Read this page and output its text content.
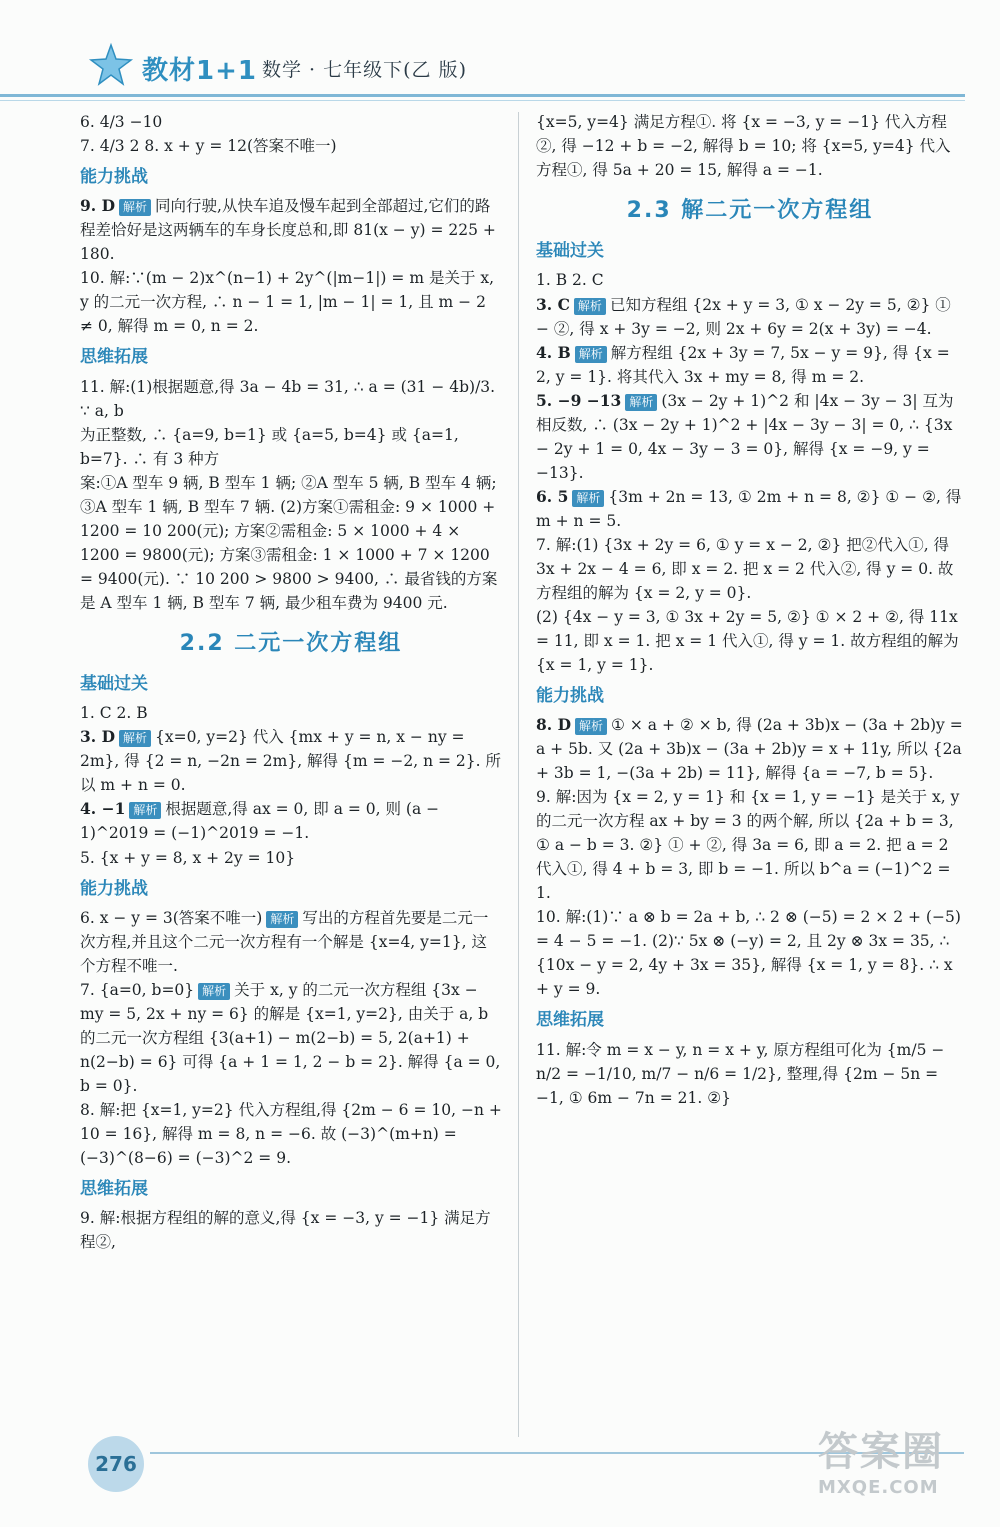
教材1+1 数学 · 七年级下(乙 版)

6. 4/3 −10

7. 4/3 2 8. x + y = 12(答案不唯一)

能力挑战

9. D 解析 同向行驶,从快车追及慢车起到全部超过,它们的路程差恰好是这两辆车的车身长度总和,即 81(x − y) = 225 + 180.

10. 解:∵(m − 2)x^(n−1) + 2y^(|m−1|) = m 是关于 x, y 的二元一次方程, ∴ n − 1 = 1, |m − 1| = 1, 且 m − 2 ≠ 0, 解得 m = 0, n = 2.

思维拓展

11. 解:(1)根据题意,得 3a − 4b = 31, ∴ a = (31 − 4b)/3. ∵ a, b

为正整数, ∴ {a=9, b=1} 或 {a=5, b=4} 或 {a=1, b=7}. ∴ 有 3 种方

案:①A 型车 9 辆, B 型车 1 辆; ②A 型车 5 辆, B 型车 4 辆; ③A 型车 1 辆, B 型车 7 辆. (2)方案①需租金: 9 × 1000 + 1200 = 10 200(元); 方案②需租金: 5 × 1000 + 4 × 1200 = 9800(元); 方案③需租金: 1 × 1000 + 7 × 1200 = 9400(元). ∵ 10 200 > 9800 > 9400, ∴ 最省钱的方案是 A 型车 1 辆, B 型车 7 辆, 最少租车费为 9400 元.

2.2 二元一次方程组
基础过关

1. C 2. B

3. D 解析 {x=0, y=2} 代入 {mx + y = n, x − ny = 2m}, 得 {2 = n, −2n = 2m}, 解得 {m = −2, n = 2}. 所以 m + n = 0.

4. −1 解析 根据题意,得 ax = 0, 即 a = 0, 则 (a − 1)^2019 = (−1)^2019 = −1.

5. {x + y = 8, x + 2y = 10}

能力挑战

6. x − y = 3(答案不唯一) 解析 写出的方程首先要是二元一次方程,并且这个二元一次方程有一个解是 {x=4, y=1}, 这个方程不唯一.

7. {a=0, b=0} 解析 关于 x, y 的二元一次方程组 {3x − my = 5, 2x + ny = 6} 的解是 {x=1, y=2}, 由关于 a, b 的二元一次方程组 {3(a+1) − m(2−b) = 5, 2(a+1) + n(2−b) = 6} 可得 {a + 1 = 1, 2 − b = 2}. 解得 {a = 0, b = 0}.

8. 解:把 {x=1, y=2} 代入方程组,得 {2m − 6 = 10, −n + 10 = 16}, 解得 m = 8, n = −6. 故 (−3)^(m+n) = (−3)^(8−6) = (−3)^2 = 9.

思维拓展

9. 解:根据方程组的解的意义,得 {x = −3, y = −1} 满足方程②,

{x=5, y=4} 满足方程①. 将 {x = −3, y = −1} 代入方程②, 得 −12 + b = −2, 解得 b = 10; 将 {x=5, y=4} 代入方程①, 得 5a + 20 = 15, 解得 a = −1.

2.3 解二元一次方程组
基础过关

1. B 2. C

3. C 解析 已知方程组 {2x + y = 3, ① x − 2y = 5, ②} ① − ②, 得 x + 3y = −2, 则 2x + 6y = 2(x + 3y) = −4.

4. B 解析 解方程组 {2x + 3y = 7, 5x − y = 9}, 得 {x = 2, y = 1}. 将其代入 3x + my = 8, 得 m = 2.

5. −9 −13 解析 (3x − 2y + 1)^2 和 |4x − 3y − 3| 互为相反数, ∴ (3x − 2y + 1)^2 + |4x − 3y − 3| = 0, ∴ {3x − 2y + 1 = 0, 4x − 3y − 3 = 0}, 解得 {x = −9, y = −13}.

6. 5 解析 {3m + 2n = 13, ① 2m + n = 8, ②} ① − ②, 得 m + n = 5.

7. 解:(1) {3x + 2y = 6, ① y = x − 2, ②} 把②代入①, 得 3x + 2x − 4 = 6, 即 x = 2. 把 x = 2 代入②, 得 y = 0. 故方程组的解为 {x = 2, y = 0}.

(2) {4x − y = 3, ① 3x + 2y = 5, ②} ① × 2 + ②, 得 11x = 11, 即 x = 1. 把 x = 1 代入①, 得 y = 1. 故方程组的解为 {x = 1, y = 1}.

能力挑战

8. D 解析 ① × a + ② × b, 得 (2a + 3b)x − (3a + 2b)y = a + 5b. 又 (2a + 3b)x − (3a + 2b)y = x + 11y, 所以 {2a + 3b = 1, −(3a + 2b) = 11}, 解得 {a = −7, b = 5}.

9. 解:因为 {x = 2, y = 1} 和 {x = 1, y = −1} 是关于 x, y 的二元一次方程 ax + by = 3 的两个解, 所以 {2a + b = 3, ① a − b = 3. ②} ① + ②, 得 3a = 6, 即 a = 2. 把 a = 2 代入①, 得 4 + b = 3, 即 b = −1. 所以 b^a = (−1)^2 = 1.

10. 解:(1)∵ a ⊗ b = 2a + b, ∴ 2 ⊗ (−5) = 2 × 2 + (−5) = 4 − 5 = −1. (2)∵ 5x ⊗ (−y) = 2, 且 2y ⊗ 3x = 35, ∴ {10x − y = 2, 4y + 3x = 35}, 解得 {x = 1, y = 8}. ∴ x + y = 9.

思维拓展

11. 解:令 m = x − y, n = x + y, 原方程组可化为 {m/5 − n/2 = −1/10, m/7 − n/6 = 1/2}, 整理,得 {2m − 5n = −1, ① 6m − 7n = 21. ②}

276	答案圈
MXQE.COM
